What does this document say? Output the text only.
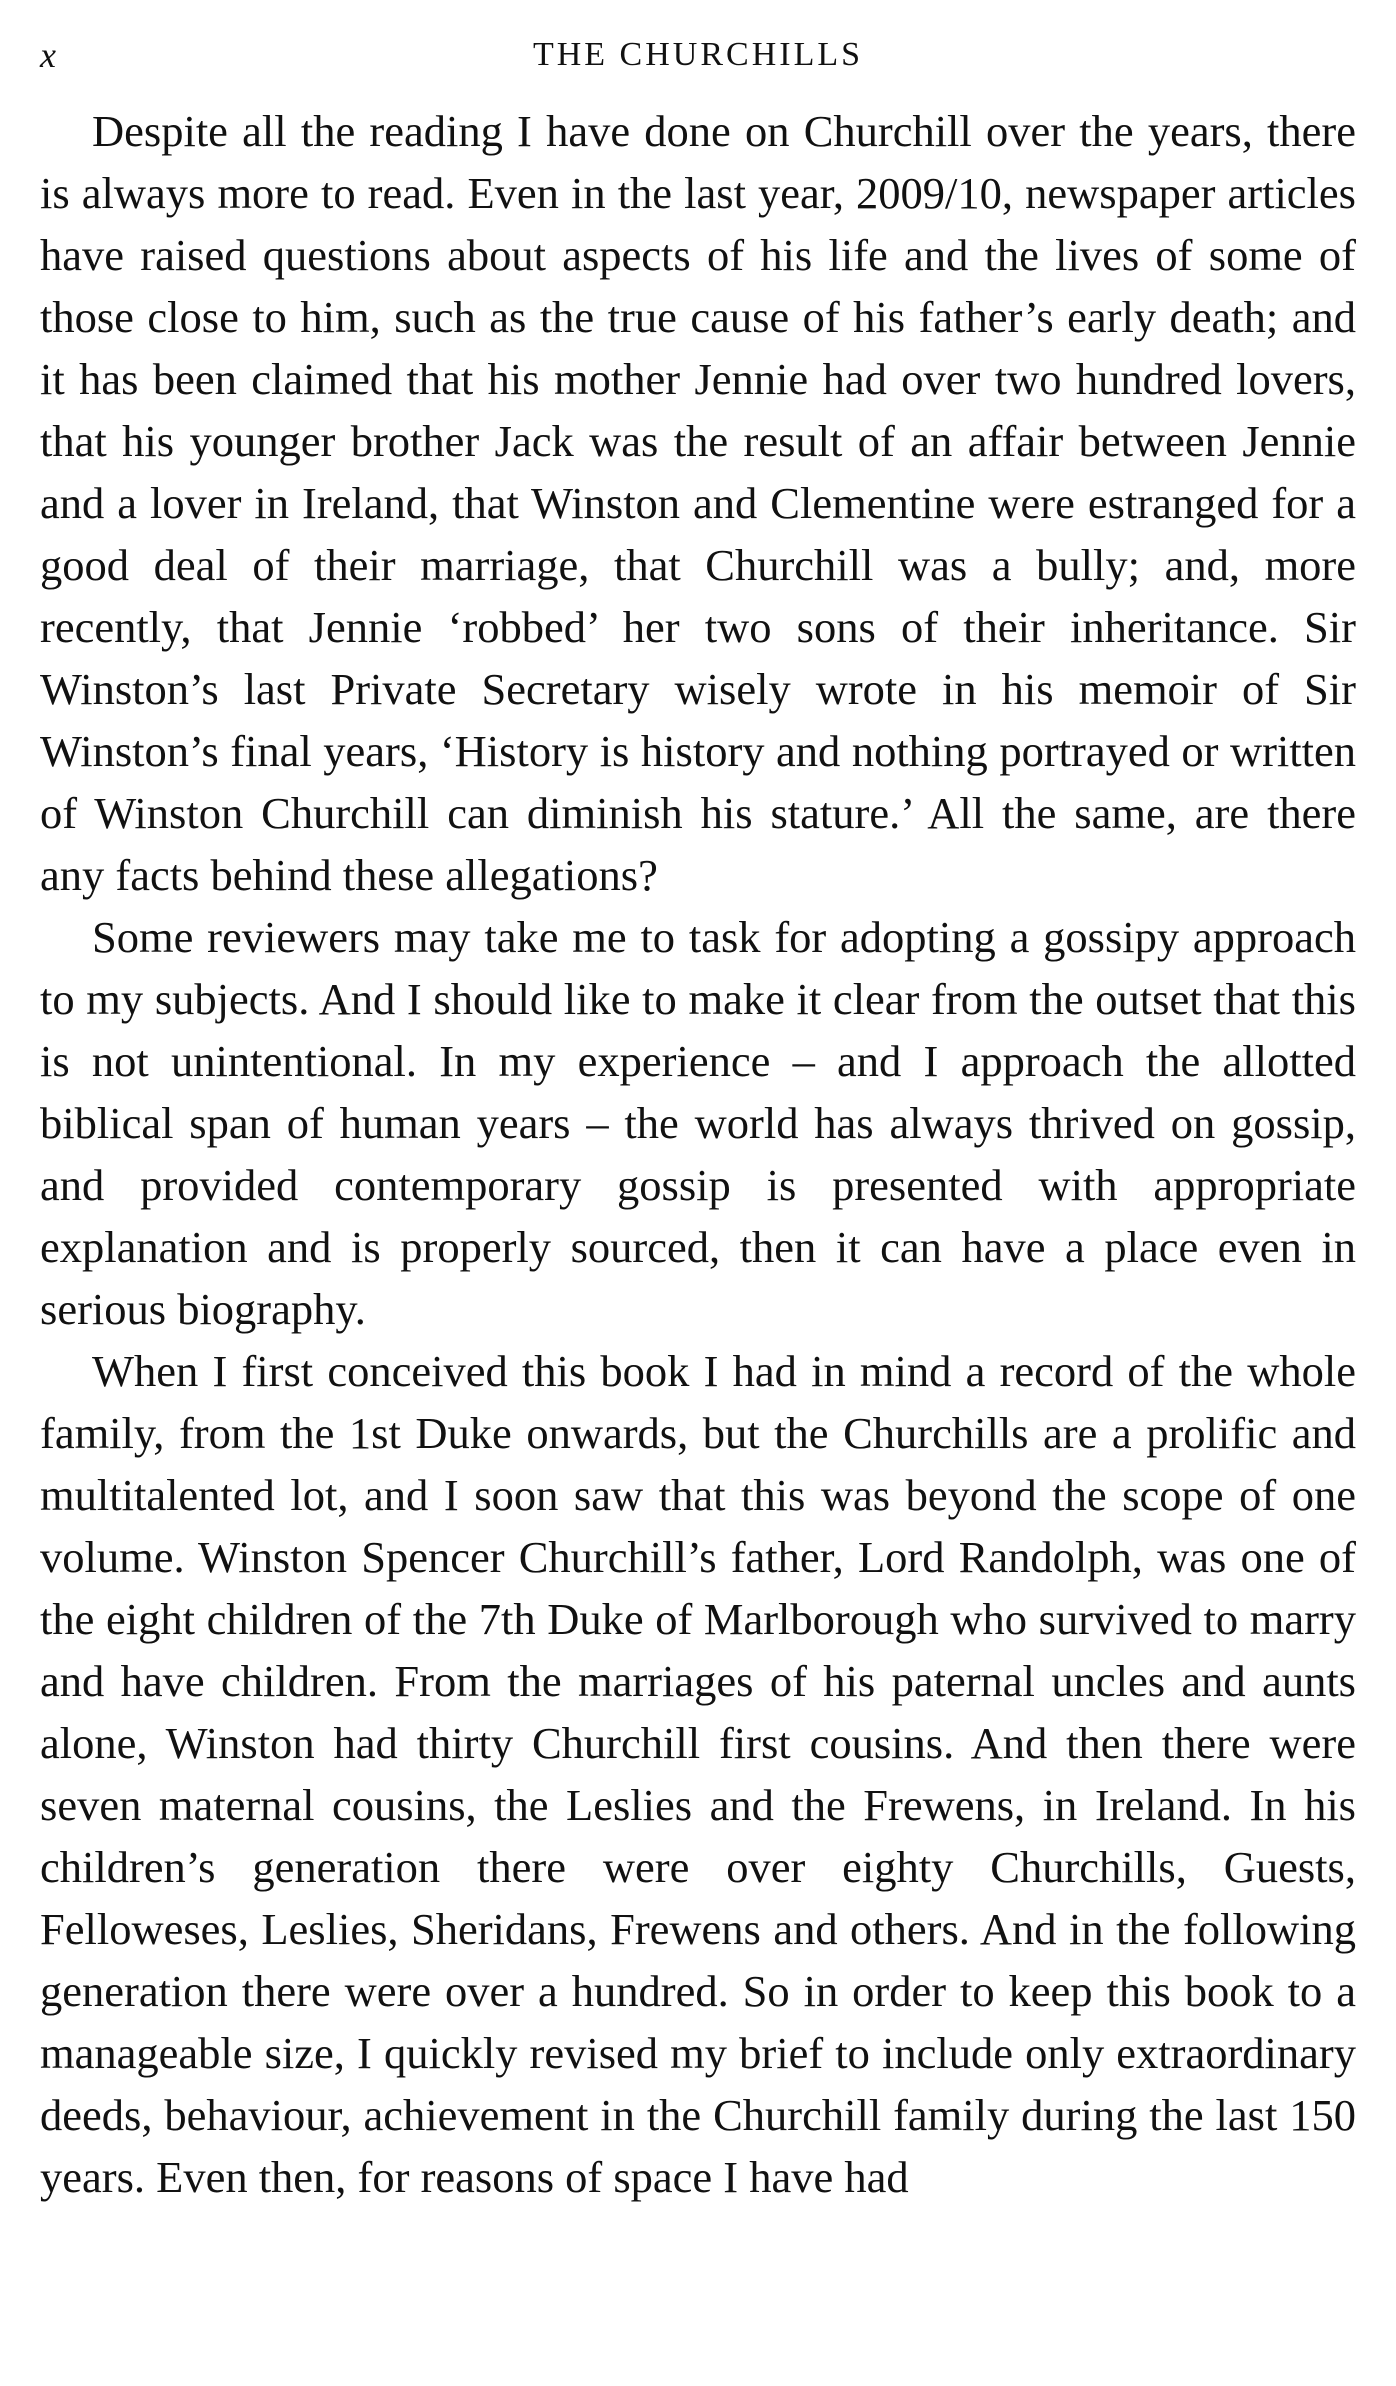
x	THE CHURCHILLS

Despite all the reading I have done on Churchill over the years, there is always more to read. Even in the last year, 2009/10, newspaper articles have raised questions about aspects of his life and the lives of some of those close to him, such as the true cause of his father’s early death; and it has been claimed that his mother Jennie had over two hundred lovers, that his younger brother Jack was the result of an affair between Jennie and a lover in Ireland, that Winston and Clementine were estranged for a good deal of their marriage, that Churchill was a bully; and, more recently, that Jennie ‘robbed’ her two sons of their inheritance. Sir Winston’s last Private Secretary wisely wrote in his memoir of Sir Winston’s final years, ‘History is history and nothing portrayed or written of Winston Churchill can diminish his stature.’ All the same, are there any facts behind these allegations?

Some reviewers may take me to task for adopting a gossipy approach to my subjects. And I should like to make it clear from the outset that this is not unintentional. In my experience – and I approach the allotted biblical span of human years – the world has always thrived on gossip, and provided contemporary gossip is presented with appropriate explanation and is properly sourced, then it can have a place even in serious biography.

When I first conceived this book I had in mind a record of the whole family, from the 1st Duke onwards, but the Churchills are a prolific and multitalented lot, and I soon saw that this was beyond the scope of one volume. Winston Spencer Churchill’s father, Lord Randolph, was one of the eight children of the 7th Duke of Marlborough who survived to marry and have children. From the marriages of his paternal uncles and aunts alone, Winston had thirty Churchill first cousins. And then there were seven maternal cousins, the Leslies and the Frewens, in Ireland. In his children’s generation there were over eighty Churchills, Guests, Felloweses, Leslies, Sheridans, Frewens and others. And in the following generation there were over a hundred. So in order to keep this book to a manageable size, I quickly revised my brief to include only extraordinary deeds, behaviour, achievement in the Churchill family during the last 150 years. Even then, for reasons of space I have had
